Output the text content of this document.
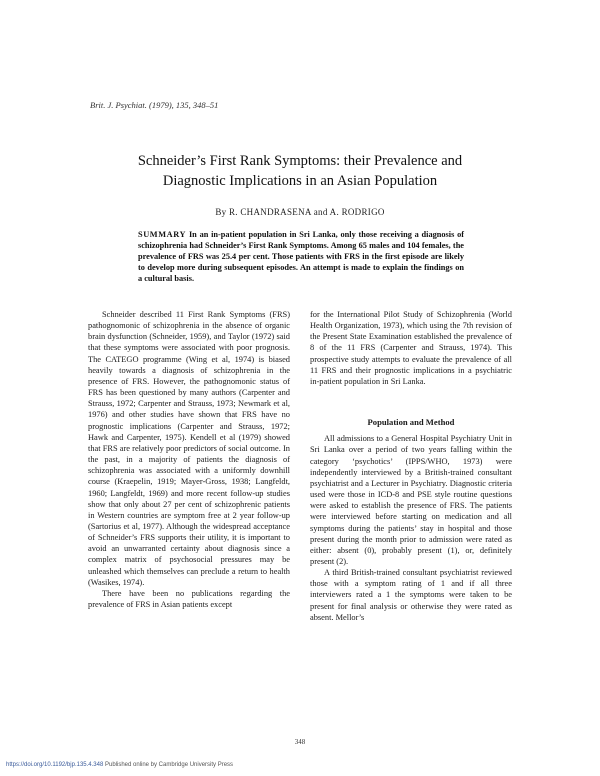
Brit. J. Psychiat. (1979), 135, 348–51
Schneider’s First Rank Symptoms: their Prevalence and
Diagnostic Implications in an Asian Population
By R. CHANDRASENA and A. RODRIGO
SUMMARY In an in-patient population in Sri Lanka, only those receiving a diagnosis of schizophrenia had Schneider’s First Rank Symptoms. Among 65 males and 104 females, the prevalence of FRS was 25.4 per cent. Those patients with FRS in the first episode are likely to develop more during subsequent episodes. An attempt is made to explain the findings on a cultural basis.

Schneider described 11 First Rank Symptoms (FRS) pathognomonic of schizophrenia in the absence of organic brain dysfunction (Schneider, 1959), and Taylor (1972) said that these symptoms were associated with poor prognosis. The CATEGO programme (Wing et al, 1974) is biased heavily towards a diagnosis of schizophrenia in the presence of FRS. However, the pathognomonic status of FRS has been questioned by many authors (Carpenter and Strauss, 1972; Carpenter and Strauss, 1973; Newmark et al, 1976) and other studies have shown that FRS have no prognostic implications (Carpenter and Strauss, 1972; Hawk and Carpenter, 1975). Kendell et al (1979) showed that FRS are relatively poor predictors of social outcome. In the past, in a majority of patients the diagnosis of schizophrenia was associated with a uniformly downhill course (Kraepelin, 1919; Mayer-Gross, 1938; Langfeldt, 1960; Langfeldt, 1969) and more recent follow-up studies show that only about 27 per cent of schizophrenic patients in Western countries are symptom free at 2 year follow-up (Sartorius et al, 1977). Although the widespread acceptance of Schneider’s FRS supports their utility, it is important to avoid an unwarranted certainty about diagnosis since a complex matrix of psychosocial pressures may be unleashed which themselves can preclude a return to health (Wasikes, 1974).

There have been no publications regarding the prevalence of FRS in Asian patients except

for the International Pilot Study of Schizophrenia (World Health Organization, 1973), which using the 7th revision of the Present State Examination established the prevalence of 8 of the 11 FRS (Carpenter and Strauss, 1974). This prospective study attempts to evaluate the prevalence of all 11 FRS and their prognostic implications in a psychiatric in-patient population in Sri Lanka.

Population and Method

All admissions to a General Hospital Psychiatry Unit in Sri Lanka over a period of two years falling within the category ‘psychotics’ (IPPS/WHO, 1973) were independently interviewed by a British-trained consultant psychiatrist and a Lecturer in Psychiatry. Diagnostic criteria used were those in ICD-8 and PSE style routine questions were asked to establish the presence of FRS. The patients were interviewed before starting on medication and all symptoms during the patients’ stay in hospital and those present during the month prior to admission were rated as either: absent (0), probably present (1), or, definitely present (2).

A third British-trained consultant psychiatrist reviewed those with a symptom rating of 1 and if all three interviewers rated a 1 the symptoms were taken to be present for final analysis or otherwise they were rated as absent. Mellor’s

348
https://doi.org/10.1192/bjp.135.4.348 Published online by Cambridge University Press
